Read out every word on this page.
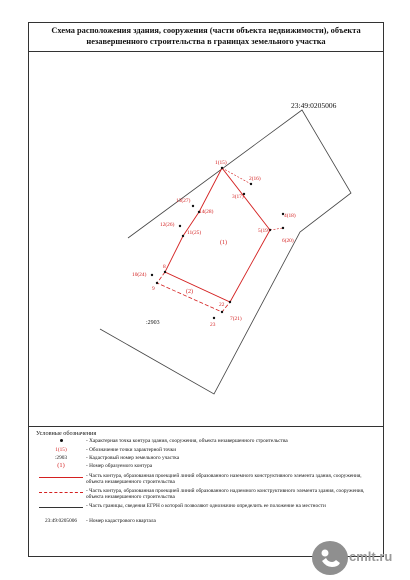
Схема расположения здания, сооружения (части объекта недвижимости), объекта
незавершенного строительства в границах земельного участка
23:49:0205006
1(15)
2(16)
3(17)
4(18)
5(19)
6(20)
7(21)
8
9
10(24)
11(25)
12(26)
13(27)
14(28)
22
23
(1)
(2)
:2903
Условные обозначения
- Характерная точка контура здания, сооружения, объекта незавершенного строительства
1(15)	- Обозначение точки характерной точки
:2903	- Кадастровый номер земельного участка
(1)	- Номер образуемого контура
- Часть контура, образованная проекцией линий образованного наземного конструктивного элемента здания, сооружения, объекта незавершенного строительства
- Часть контура, образованная проекцией линий образованного надземного конструктивного элемента здания, сооружения, объекта незавершенного строительства
- Часть границы, сведения ЕГРН о которой позволяют однозначно определить ее положение на местности
23:49:0205006	- Номер кадастрового квартала
cmlt.ru
